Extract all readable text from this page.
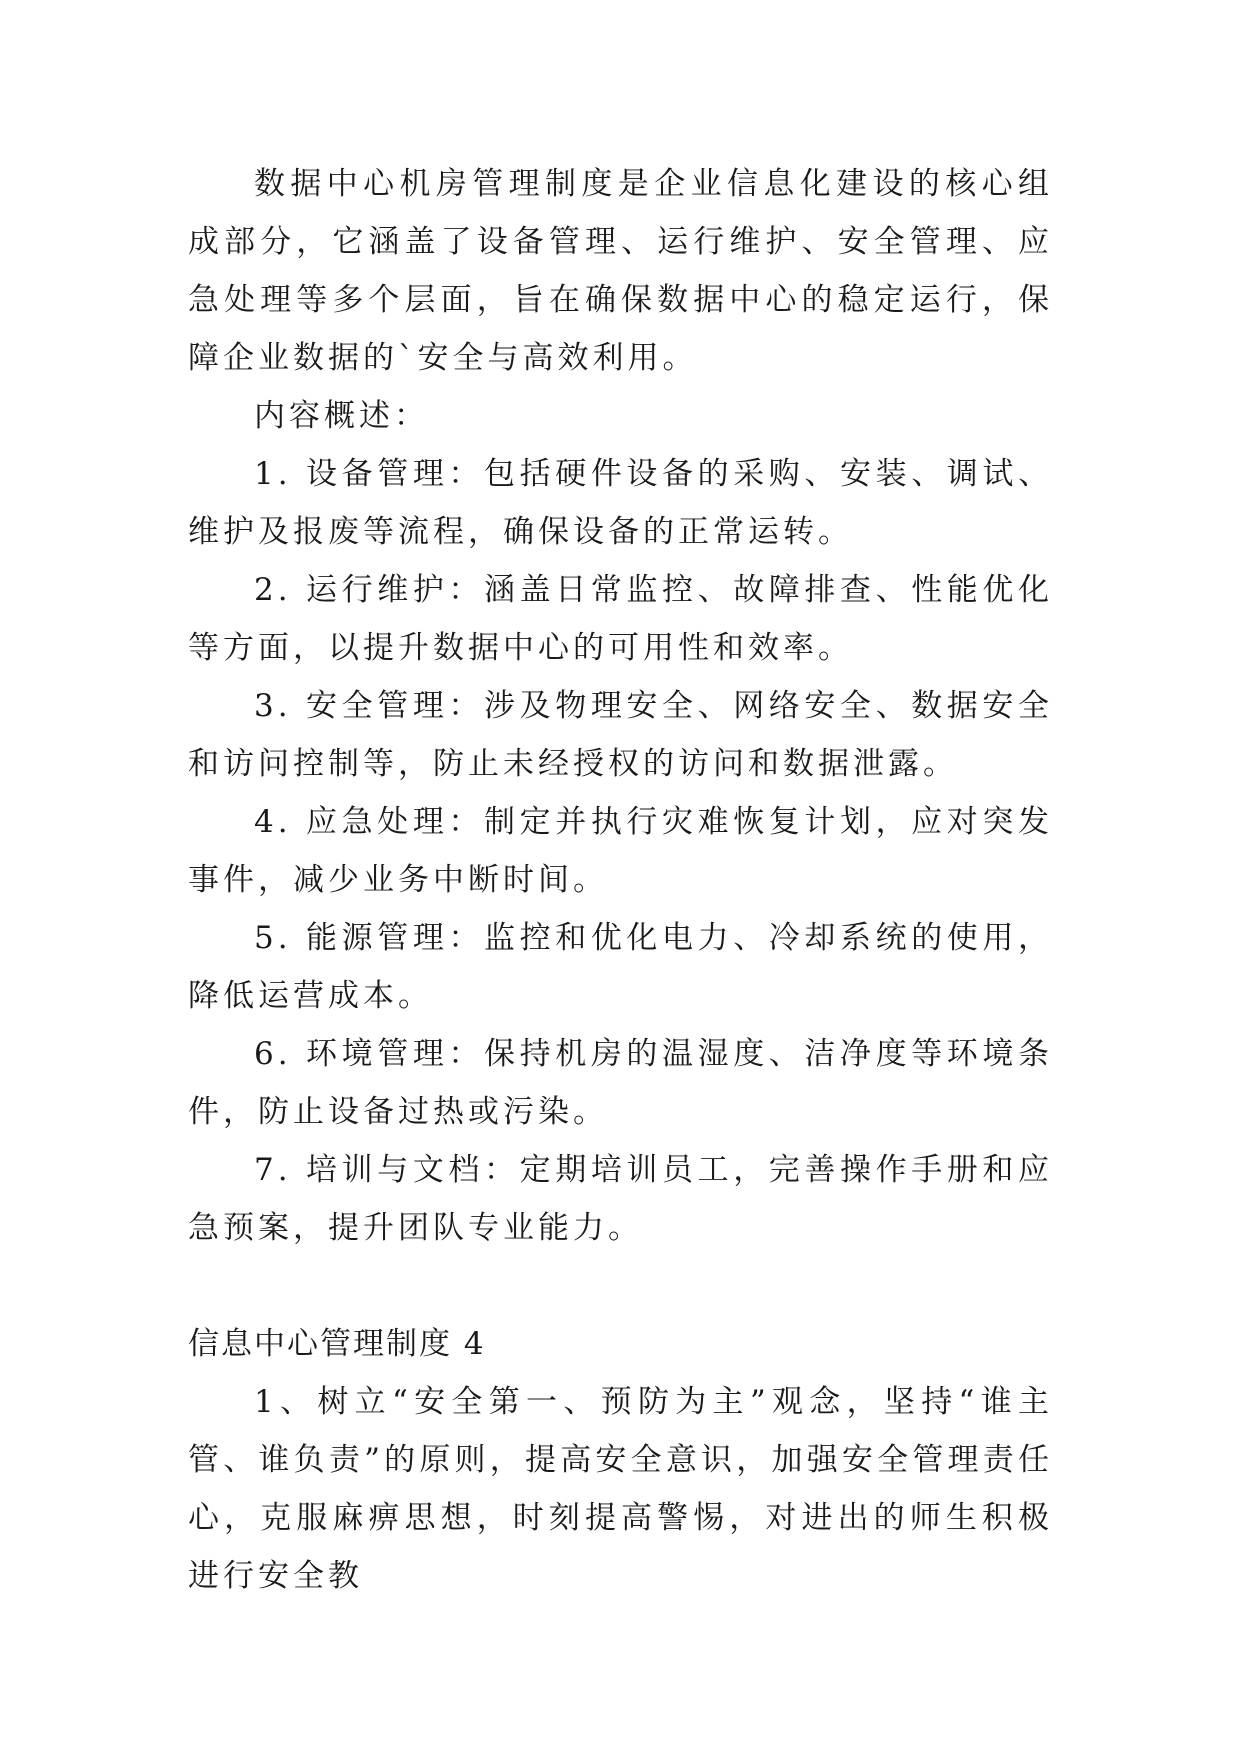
数据中心机房管理制度是企业信息化建设的核心组成部分，它涵盖了设备管理、运行维护、安全管理、应急处理等多个层面，旨在确保数据中心的稳定运行，保障企业数据的`安全与高效利用。

内容概述：

1. 设备管理：包括硬件设备的采购、安装、调试、维护及报废等流程，确保设备的正常运转。

2. 运行维护：涵盖日常监控、故障排查、性能优化等方面，以提升数据中心的可用性和效率。

3. 安全管理：涉及物理安全、网络安全、数据安全和访问控制等，防止未经授权的访问和数据泄露。

4. 应急处理：制定并执行灾难恢复计划，应对突发事件，减少业务中断时间。

5. 能源管理：监控和优化电力、冷却系统的使用，降低运营成本。

6. 环境管理：保持机房的温湿度、洁净度等环境条件，防止设备过热或污染。

7. 培训与文档：定期培训员工，完善操作手册和应急预案，提升团队专业能力。

信息中心管理制度 4

1、树立“安全第一、预防为主”观念，坚持“谁主管、谁负责”的原则，提高安全意识，加强安全管理责任心，克服麻痹思想，时刻提高警惕，对进出的师生积极进行安全教
